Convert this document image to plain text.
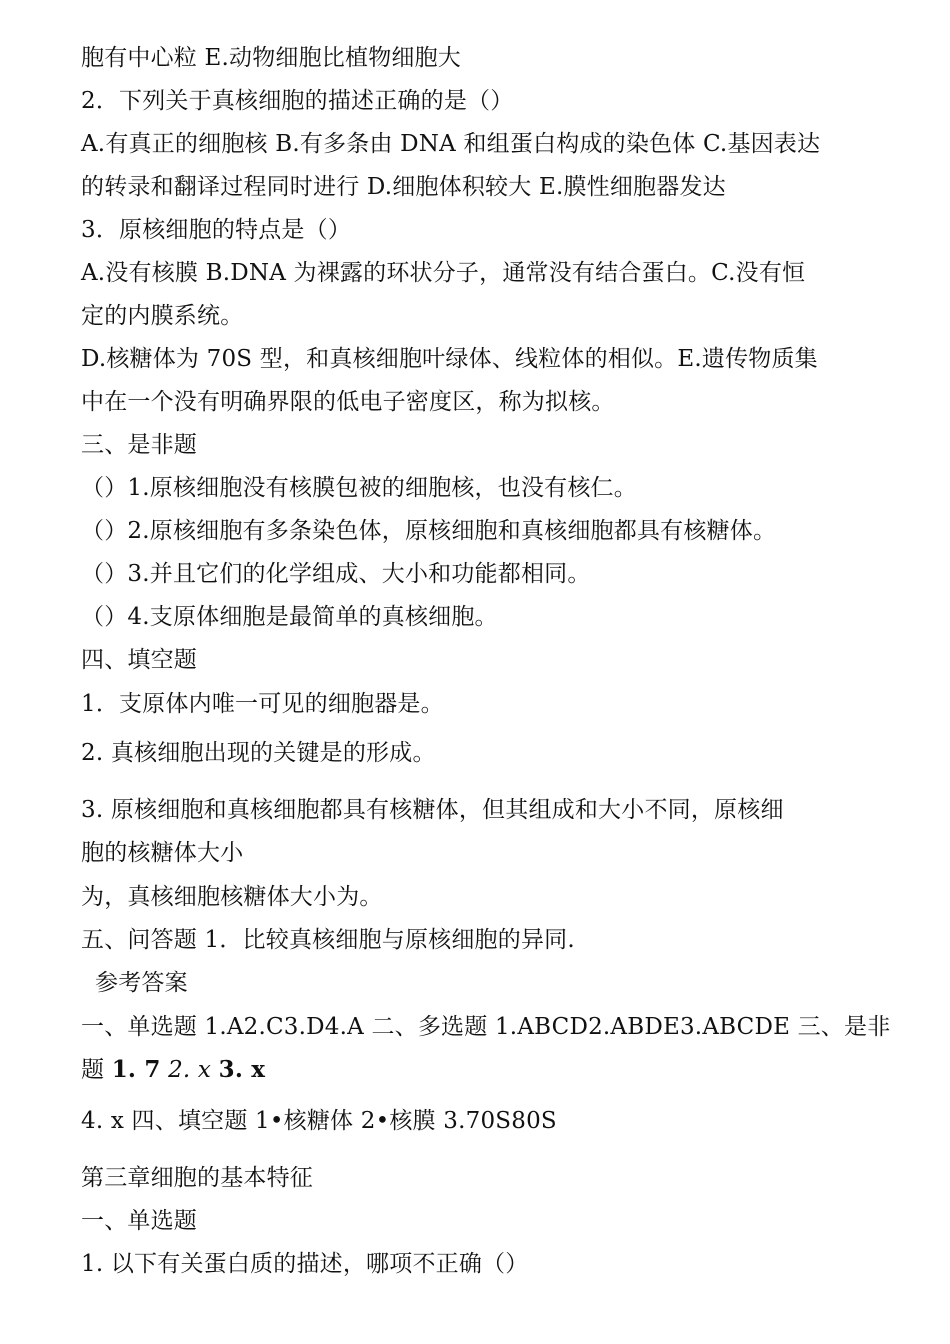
胞有中心粒 E.动物细胞比植物细胞大
2．下列关于真核细胞的描述正确的是（）
A.有真正的细胞核 B.有多条由 DNA 和组蛋白构成的染色体 C.基因表达
的转录和翻译过程同时进行 D.细胞体积较大 E.膜性细胞器发达
3．原核细胞的特点是（）
A.没有核膜 B.DNA 为裸露的环状分子，通常没有结合蛋白。C.没有恒
定的内膜系统。
D.核糖体为 70S 型，和真核细胞叶绿体、线粒体的相似。E.遗传物质集
中在一个没有明确界限的低电子密度区，称为拟核。
三、是非题
（）1.原核细胞没有核膜包被的细胞核，也没有核仁。
（）2.原核细胞有多条染色体，原核细胞和真核细胞都具有核糖体。
（）3.并且它们的化学组成、大小和功能都相同。
（）4.支原体细胞是最简单的真核细胞。
四、填空题
1．支原体内唯一可见的细胞器是。
2. 真核细胞出现的关键是的形成。
3. 原核细胞和真核细胞都具有核糖体，但其组成和大小不同，原核细
胞的核糖体大小
为，真核细胞核糖体大小为。
五、问答题 1．比较真核细胞与原核细胞的异同.
参考答案
一、单选题 1.A2.C3.D4.A 二、多选题 1.ABCD2.ABDE3.ABCDE 三、是非
题 1. 7 2. x 3. x
4. x 四、填空题 1•核糖体 2•核膜 3.70S80S
第三章细胞的基本特征
一、单选题
1. 以下有关蛋白质的描述，哪项不正确（）
